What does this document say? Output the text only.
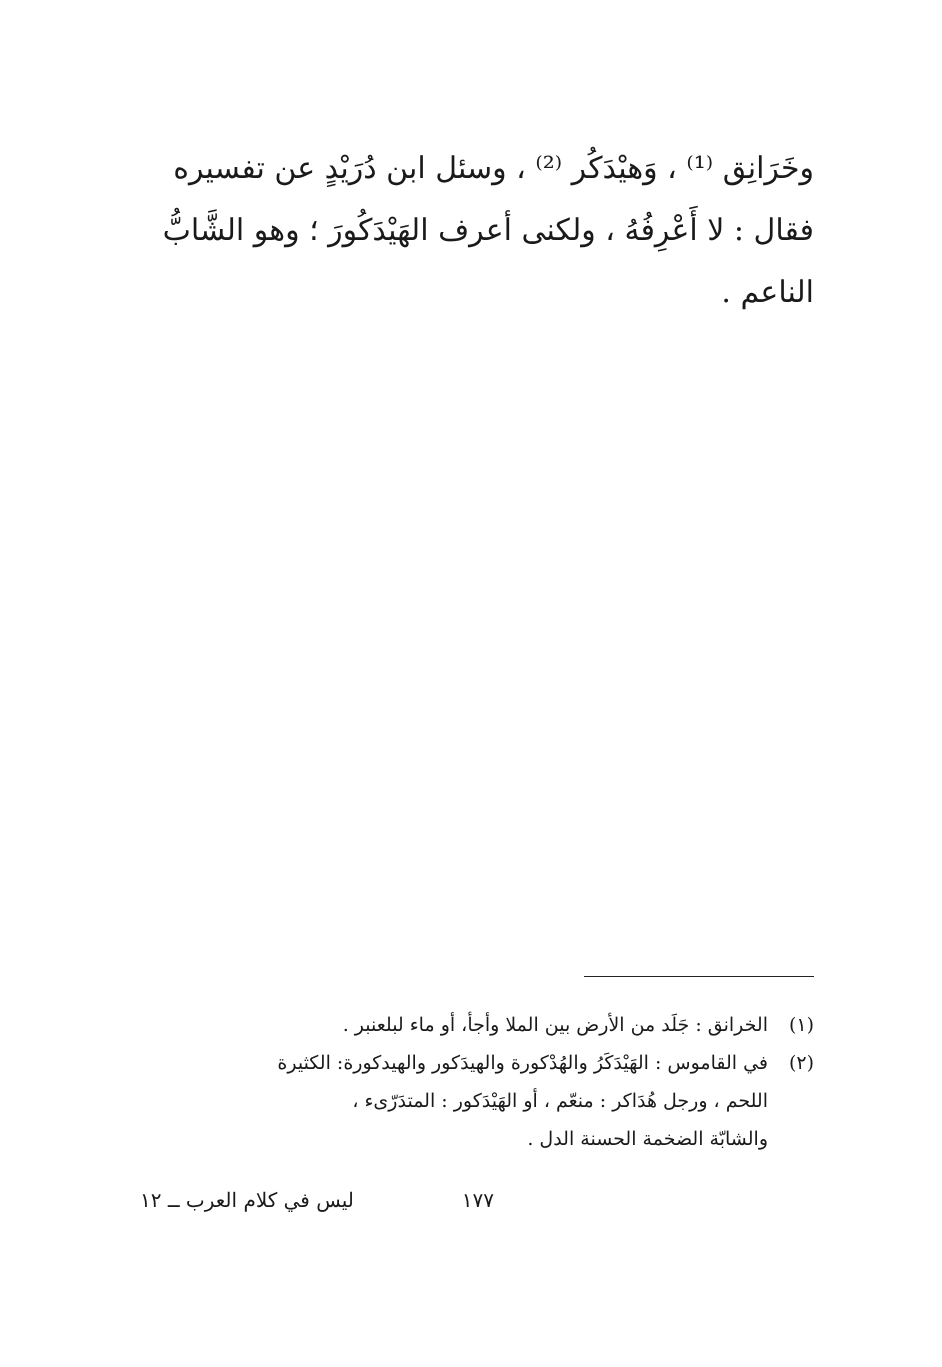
وخَرَانِق ⁽¹⁾ ، وَهيْدَكُر ⁽²⁾ ، وسئل ابن دُرَيْدٍ عن تفسيره
فقال : لا أَعْرِفُهُ ، ولكنى أعرف الهَيْدَكُورَ ؛ وهو الشَّابُّ
الناعم .
(١)
الخرانق : جَلَد من الأرض بين الملا وأجأ، أو ماء لبلعنبر .
(٢)
في القاموس : الهَيْدَكَرُ والهُدْكورة والهيدَكور والهيدكورة: الكثيرة
اللحم ، ورجل هُدَاكر : منعّم ، أو الهَيْدَكور : المتدَرّىء ،
والشابّة الضخمة الحسنة الدل .
١٧٧
ليس في كلام العرب ــ ١٢
